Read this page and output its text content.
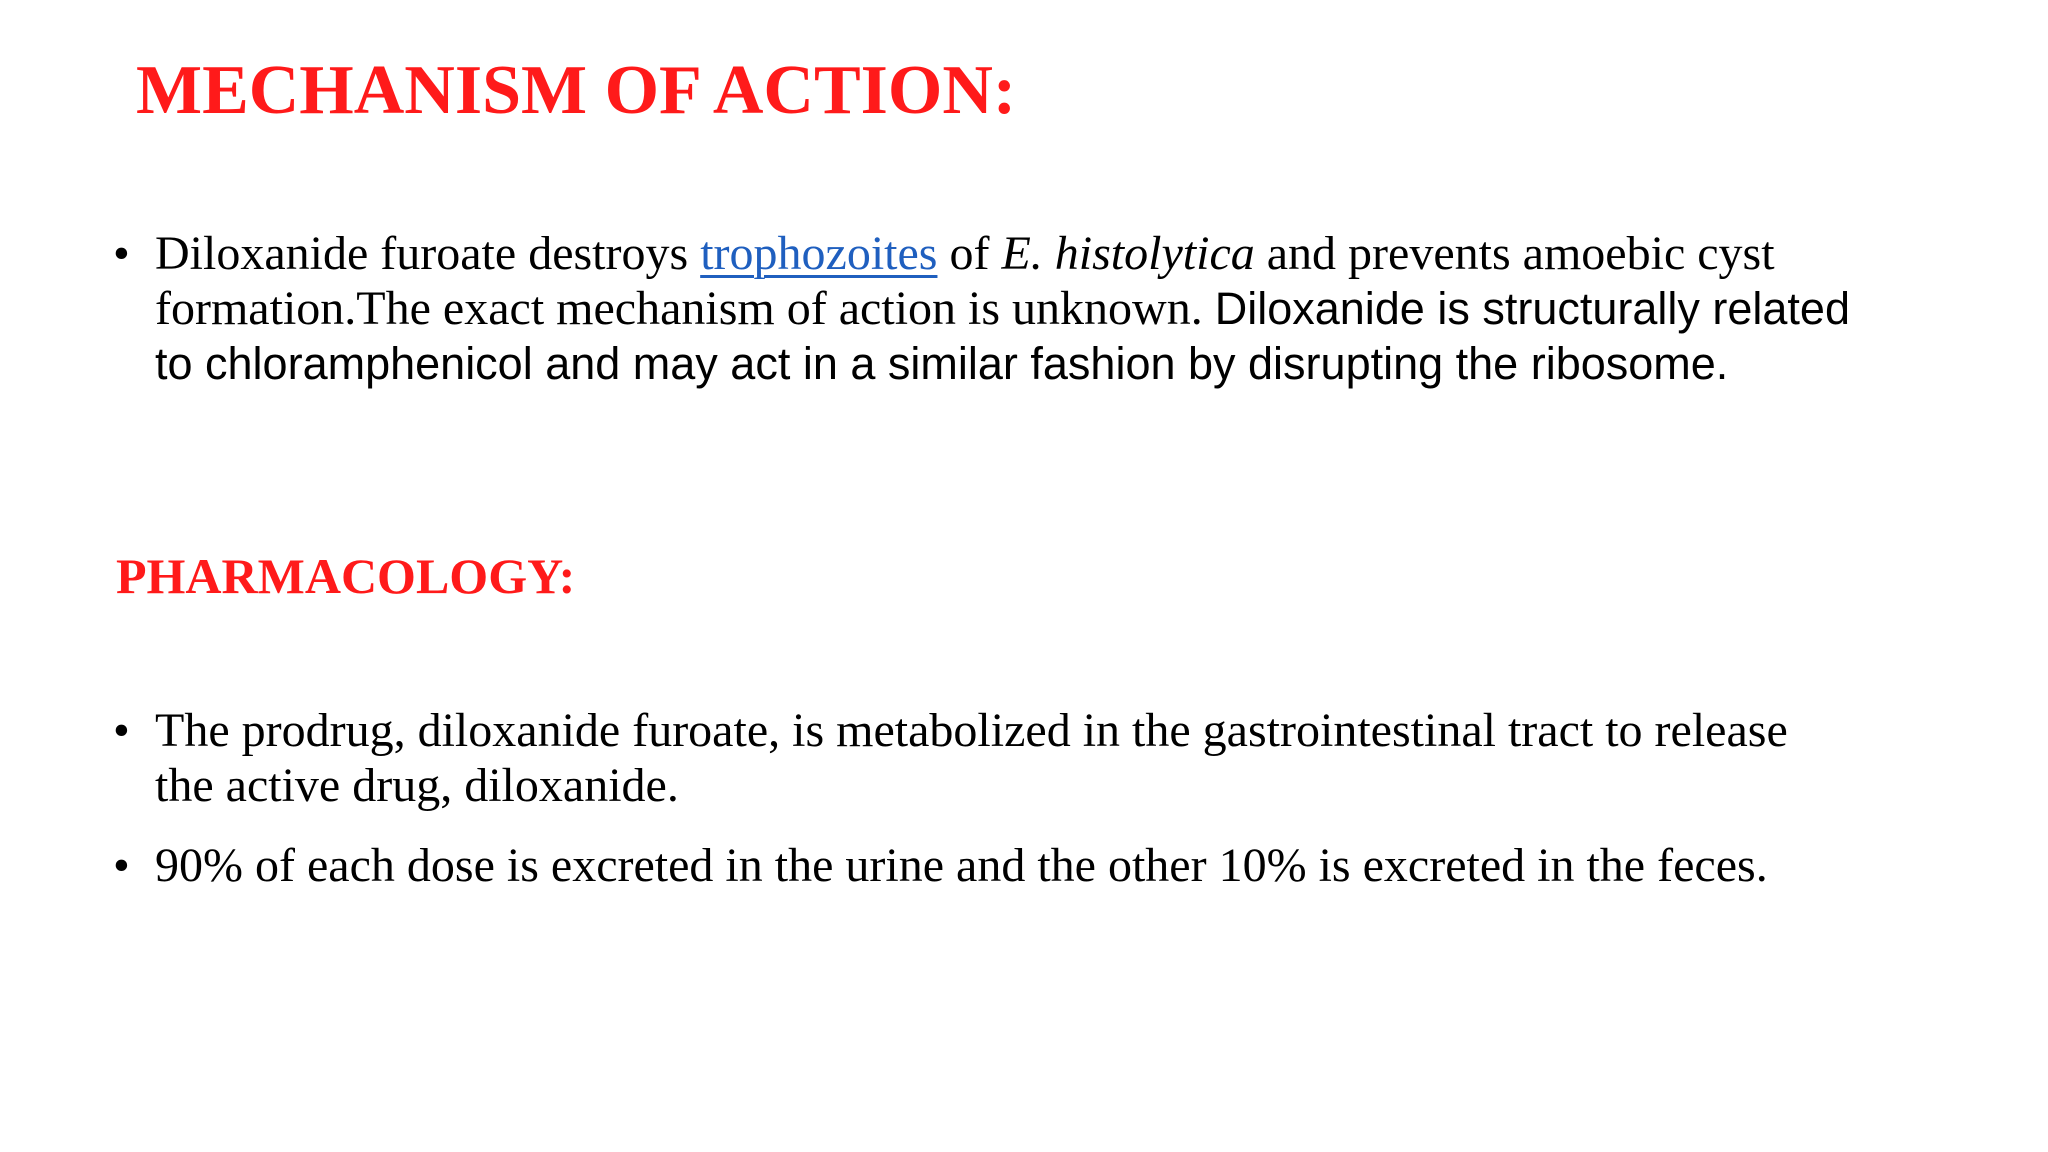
MECHANISM OF ACTION:
• Diloxanide furoate destroys trophozoites of E. histolytica and prevents amoebic cyst formation.The exact mechanism of action is unknown. Diloxanide is structurally related to chloramphenicol and may act in a similar fashion by disrupting the ribosome.
PHARMACOLOGY:
• The prodrug, diloxanide furoate, is metabolized in the gastrointestinal tract to release the active drug, diloxanide.
• 90% of each dose is excreted in the urine and the other 10% is excreted in the feces.
